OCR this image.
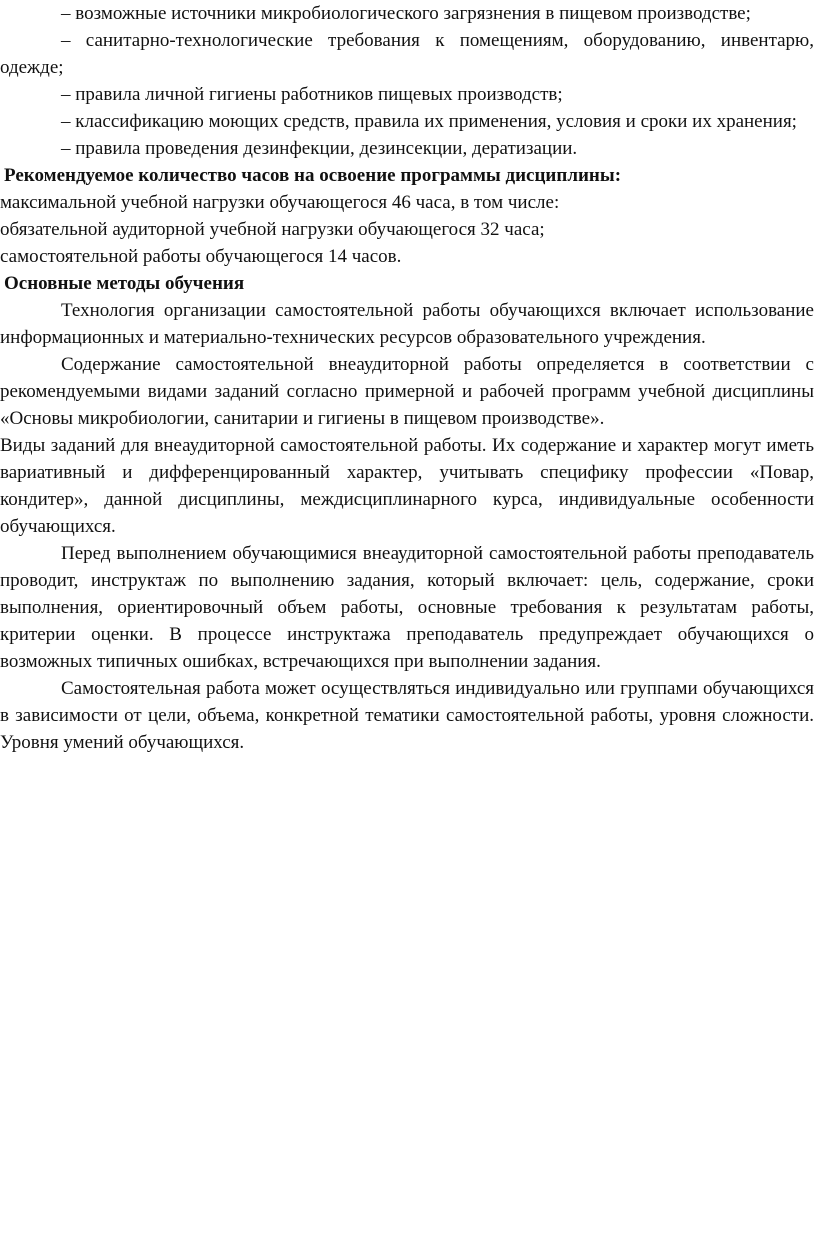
– возможные источники микробиологического загрязнения в пищевом производстве;

– санитарно-технологические требования к помещениям, оборудованию, инвентарю, одежде;

– правила личной гигиены работников пищевых производств;

– классификацию моющих средств, правила их применения, условия и сроки их хранения;

– правила проведения дезинфекции, дезинсекции, дератизации.

Рекомендуемое количество часов на освоение программы дисциплины:

максимальной учебной нагрузки обучающегося 46 часа, в том числе:

обязательной аудиторной учебной нагрузки обучающегося 32 часа;

самостоятельной работы обучающегося 14 часов.

Основные методы обучения

Технология организации самостоятельной работы обучающихся включает использование информационных и материально-технических ресурсов образовательного учреждения.

Содержание самостоятельной внеаудиторной работы определяется в соответствии с рекомендуемыми видами заданий согласно примерной и рабочей программ учебной дисциплины «Основы микробиологии, санитарии и гигиены в пищевом производстве».

Виды заданий для внеаудиторной самостоятельной работы. Их содержание и характер могут иметь вариативный и дифференцированный характер, учитывать специфику профессии «Повар, кондитер», данной дисциплины, междисциплинарного курса, индивидуальные особенности обучающихся.

Перед выполнением обучающимися внеаудиторной самостоятельной работы преподаватель проводит, инструктаж по выполнению задания, который включает: цель, содержание, сроки выполнения, ориентировочный объем работы, основные требования к результатам работы, критерии оценки. В процессе инструктажа преподаватель предупреждает обучающихся о возможных типичных ошибках, встречающихся при выполнении задания.

Самостоятельная работа может осуществляться индивидуально или группами обучающихся в зависимости от цели, объема, конкретной тематики самостоятельной работы, уровня сложности. Уровня умений обучающихся.
